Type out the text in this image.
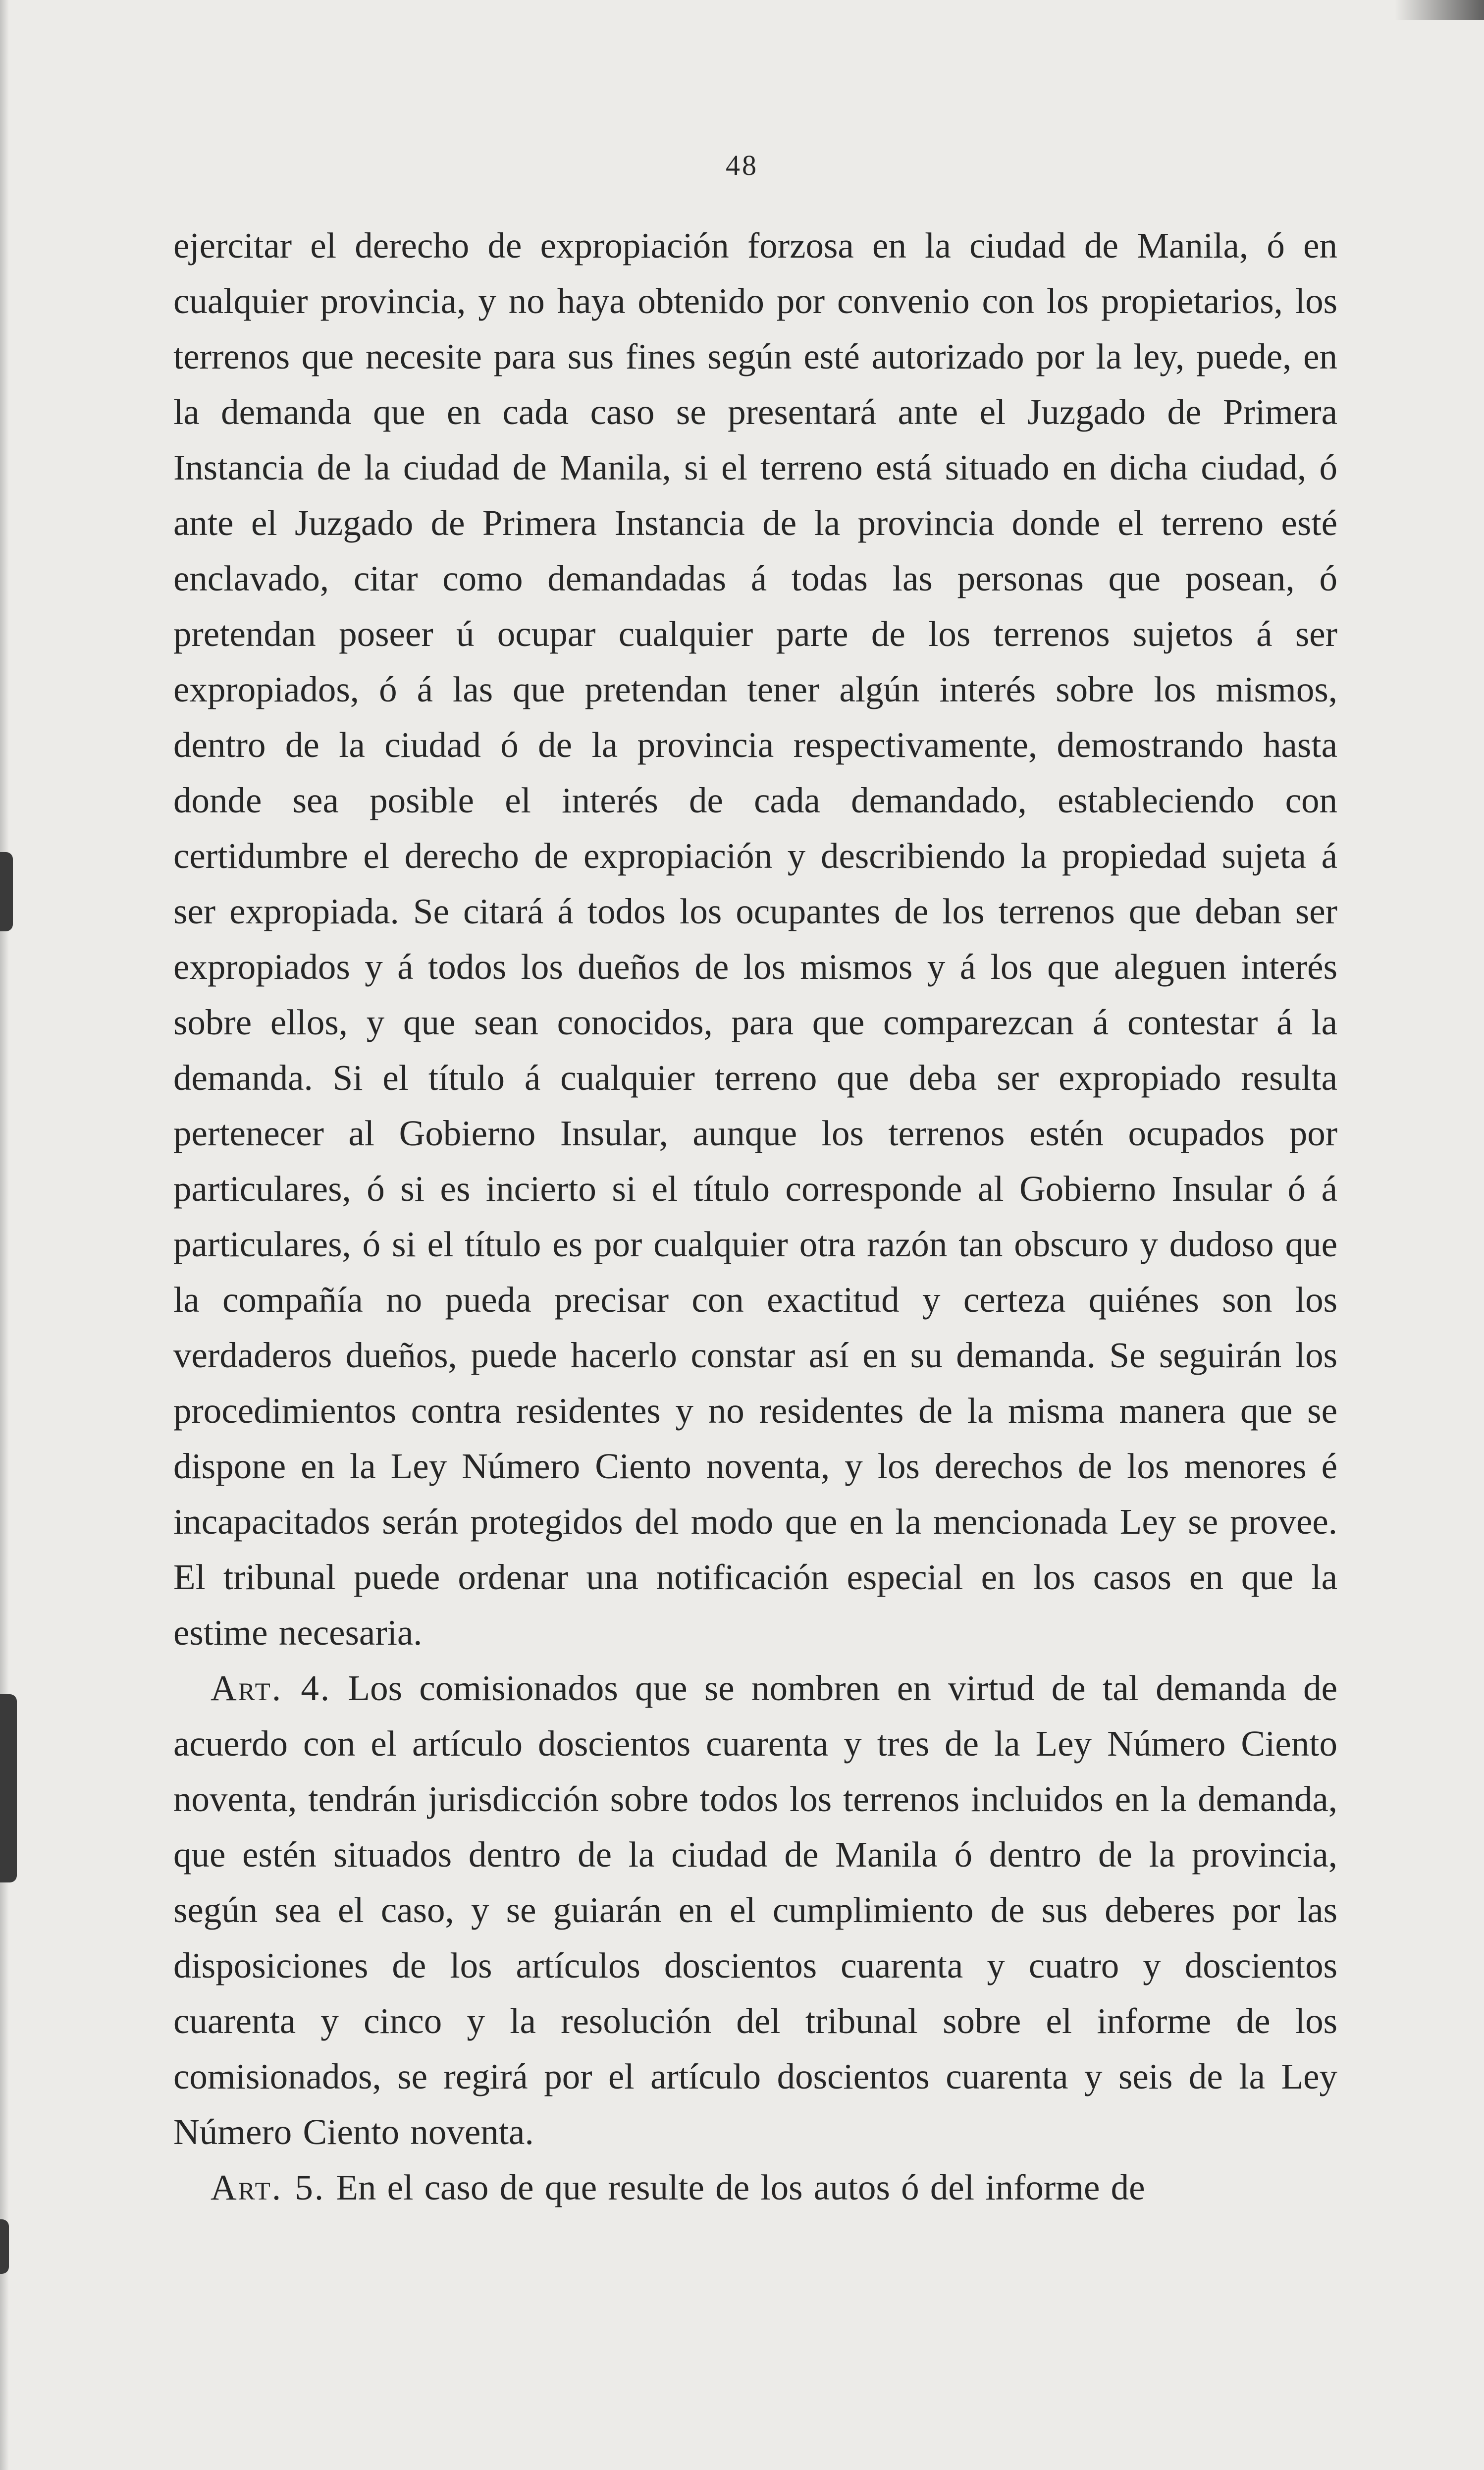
48

ejercitar el derecho de expropiación forzosa en la ciudad de Manila, ó en cualquier provincia, y no haya obtenido por convenio con los propietarios, los terrenos que necesite para sus fines según esté autorizado por la ley, puede, en la demanda que en cada caso se presentará ante el Juzgado de Primera Instancia de la ciudad de Manila, si el terreno está situado en dicha ciudad, ó ante el Juzgado de Primera Instancia de la provincia donde el terreno esté enclavado, citar como demandadas á todas las personas que posean, ó pretendan poseer ú ocupar cualquier parte de los terrenos sujetos á ser expropiados, ó á las que pretendan tener algún interés sobre los mismos, dentro de la ciudad ó de la provincia respectivamente, demostrando hasta donde sea posible el interés de cada demandado, estableciendo con certidumbre el derecho de expropiación y describiendo la propiedad sujeta á ser expropiada. Se citará á todos los ocupantes de los terrenos que deban ser expropiados y á todos los dueños de los mismos y á los que aleguen interés sobre ellos, y que sean conocidos, para que comparezcan á contestar á la demanda. Si el título á cualquier terreno que deba ser expropiado resulta pertenecer al Gobierno Insular, aunque los terrenos estén ocupados por particulares, ó si es incierto si el título corresponde al Gobierno Insular ó á particulares, ó si el título es por cualquier otra razón tan obscuro y dudoso que la compañía no pueda precisar con exactitud y certeza quiénes son los verdaderos dueños, puede hacerlo constar así en su demanda. Se seguirán los procedimientos contra residentes y no residentes de la misma manera que se dispone en la Ley Número Ciento noventa, y los derechos de los menores é incapacitados serán protegidos del modo que en la mencionada Ley se provee. El tribunal puede ordenar una notificación especial en los casos en que la estime necesaria.

Art. 4. Los comisionados que se nombren en virtud de tal demanda de acuerdo con el artículo doscientos cuarenta y tres de la Ley Número Ciento noventa, tendrán jurisdicción sobre todos los terrenos incluidos en la demanda, que estén situados dentro de la ciudad de Manila ó dentro de la provincia, según sea el caso, y se guiarán en el cumplimiento de sus deberes por las disposiciones de los artículos doscientos cuarenta y cuatro y doscientos cuarenta y cinco y la resolución del tribunal sobre el informe de los comisionados, se regirá por el artículo doscientos cuarenta y seis de la Ley Número Ciento noventa.

Art. 5. En el caso de que resulte de los autos ó del informe de
